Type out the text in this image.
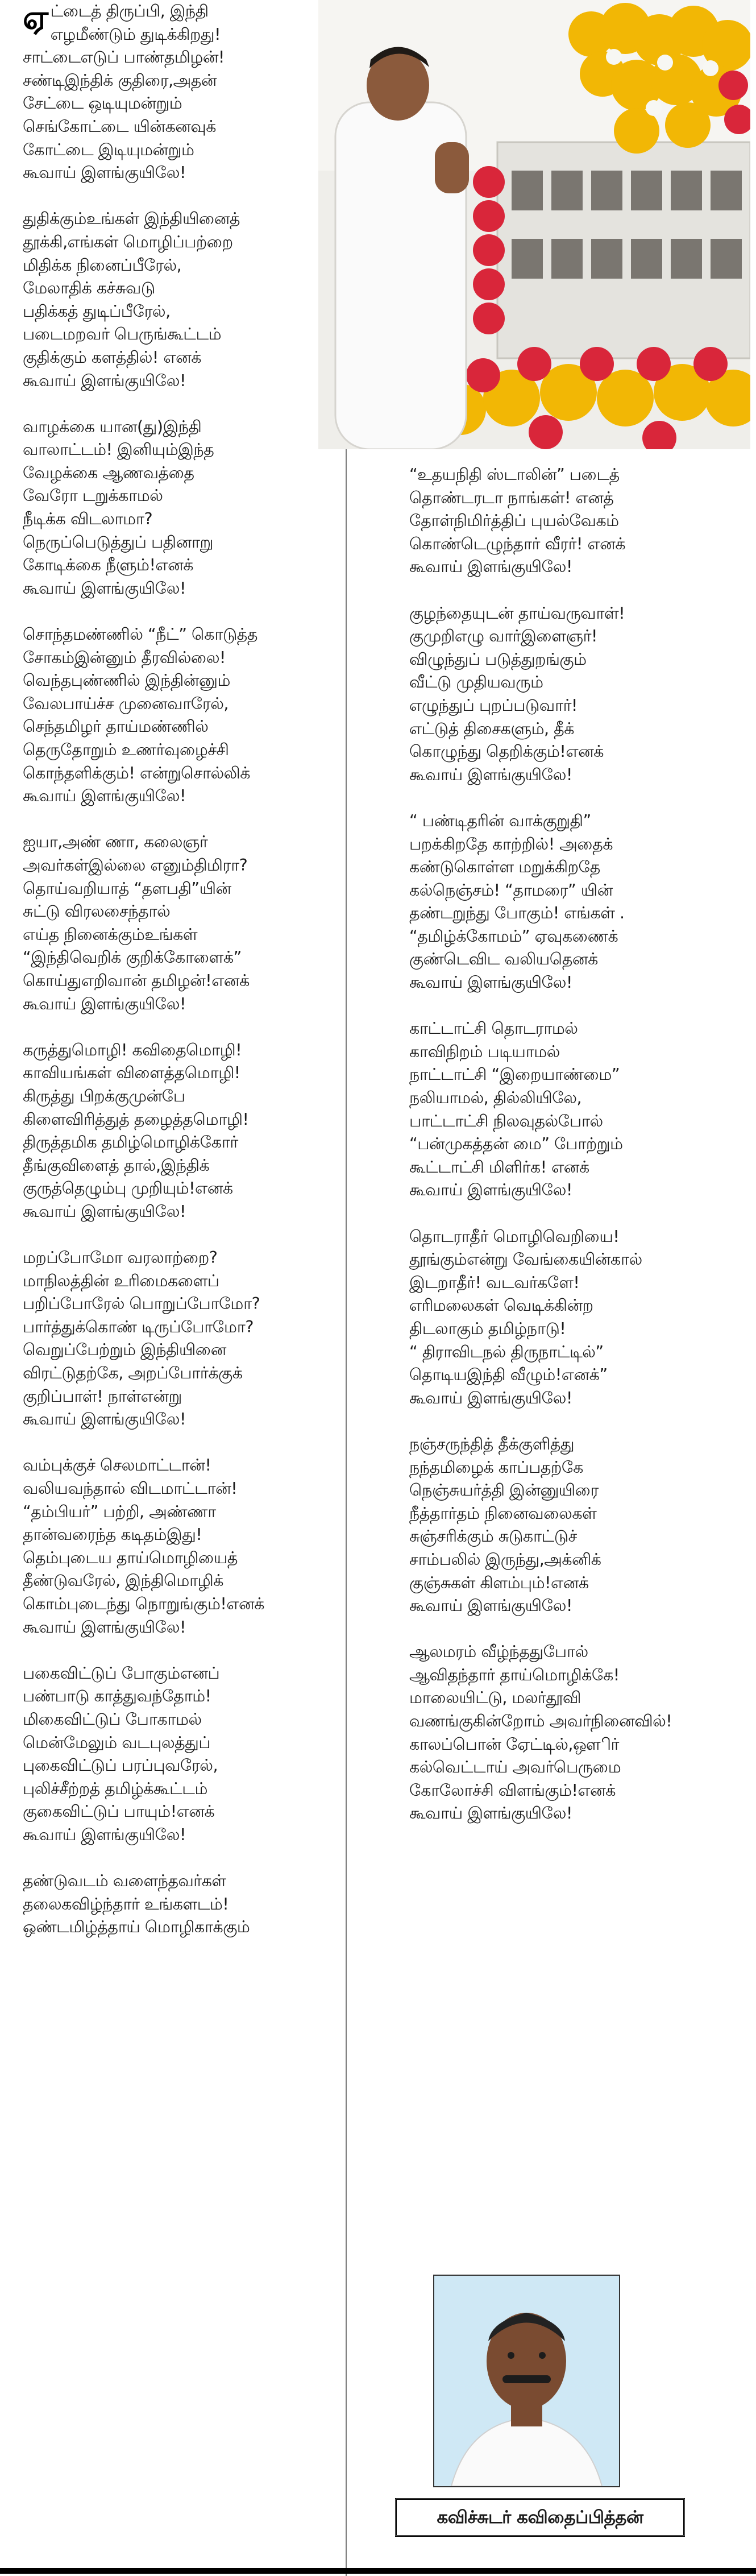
ஏட்டைத் திருப்பி, இந்தி
எழமீண்டும் துடிக்கிறது!
சாட்டைஎடுப் பாண்தமிழன்!
சண்டிஇந்திக் குதிரை,அதன்
சேட்டை ஒடியுமன்றும்
செங்கோட்டை யின்கனவுக்
கோட்டை இடியுமன்றும்
கூவாய் இளங்குயிலே!
துதிக்கும்உங்கள் இந்தியினைத்
தூக்கி,எங்கள் மொழிப்பற்றை
மிதிக்க நினைப்பீரேல்,
மேலாதிக் கச்சுவடு
பதிக்கத் துடிப்பீரேல்,
படைமறவர் பெருங்கூட்டம்
குதிக்கும் களத்தில்! எனக்
கூவாய் இளங்குயிலே!
வாழக்கை யான(து)இந்தி
வாலாட்டம்! இனியும்இந்த
வேழக்கை ஆணவத்தை
வேரோ டறுக்காமல்
நீடிக்க விடலாமா?
நெருப்பெடுத்துப் பதினாறு
கோடிக்கை நீளும்!எனக்
கூவாய் இளங்குயிலே!
சொந்தமண்ணில் “நீட்” கொடுத்த
சோகம்இன்னும் தீரவில்லை!
வெந்தபுண்ணில் இந்தின்னும்
வேலபாய்ச்ச முனைவாரேல்,
செந்தமிழர் தாய்மண்ணில்
தெருதோறும் உணர்வுழைச்சி
கொந்தளிக்கும்! என்றுசொல்லிக்
கூவாய் இளங்குயிலே!
ஐயா,அண் ணா, கலைஞர்
அவர்கள்இல்லை எனும்திமிரா?
தொய்வறியாத் “தளபதி”யின்
சுட்டு விரலசைந்தால்
எய்த நினைக்கும்உங்கள்
“இந்திவெறிக் குறிக்கோளைக்”
கொய்துஎறிவான் தமிழன்!எனக்
கூவாய் இளங்குயிலே!
கருத்துமொழி! கவிதைமொழி!
காவியங்கள் விளைத்தமொழி!
கிருத்து பிறக்குமுன்பே
கிளைவிரித்துத் தழைத்தமொழி!
திருத்தமிக தமிழ்மொழிக்கோர்
தீங்குவிளைத் தால்,இந்திக்
குருத்தெழும்பு முறியும்!எனக்
கூவாய் இளங்குயிலே!
மறப்போமோ வரலாற்றை?
மாநிலத்தின் உரிமைகளைப்
பறிப்போரேல் பொறுப்போமோ?
பார்த்துக்கொண் டிருப்போமோ?
வெறுப்பேற்றும் இந்தியினை
விரட்டுதற்கே, அறப்போர்க்குக்
குறிப்பாள்! நாள்என்று
கூவாய் இளங்குயிலே!
வம்புக்குச் செலமாட்டான்!
வலியவந்தால் விடமாட்டான்!
“தம்பியர்” பற்றி, அண்ணா
தான்வரைந்த கடிதம்இது!
தெம்புடைய தாய்மொழியைத்
தீண்டுவரேல், இந்திமொழிக்
கொம்புடைந்து நொறுங்கும்!எனக்
கூவாய் இளங்குயிலே!
பகைவிட்டுப் போகும்எனப்
பண்பாடு காத்துவந்தோம்!
மிகைவிட்டுப் போகாமல்
மென்மேலும் வடபுலத்துப்
புகைவிட்டுப் பரப்புவரேல்,
புலிச்சீற்றத் தமிழ்க்கூட்டம்
குகைவிட்டுப் பாயும்!எனக்
கூவாய் இளங்குயிலே!
தண்டுவடம் வளைந்தவர்கள்
தலைகவிழ்ந்தார் உங்களடம்!
ஒண்டமிழ்த்தாய் மொழிகாக்கும்
“உதயநிதி ஸ்டாலின்” படைத்
தொண்டரடா நாங்கள்! எனத்
தோள்நிமிர்த்திப் புயல்வேகம்
கொண்டெழுந்தார் வீரர்! எனக்
கூவாய் இளங்குயிலே!
குழந்தையுடன் தாய்வருவாள்!
குமுறிஎழு வார்இளைஞர்!
விழுந்துப் படுத்துறங்கும்
வீட்டு முதியவரும்
எழுந்துப் புறப்படுவார்!
எட்டுத் திசைகளும், தீக்
கொழுந்து தெறிக்கும்!எனக்
கூவாய் இளங்குயிலே!
“ பண்டிதரின் வாக்குறுதி”
பறக்கிறதே காற்றில்! அதைக்
கண்டுகொள்ள மறுக்கிறதே
கல்நெஞ்சம்! “தாமரை” யின்
தண்டறுந்து போகும்! எங்கள் .
“தமிழ்க்கோமம்” ஏவுகணைக்
குண்டெவிட வலியதெனக்
கூவாய் இளங்குயிலே!
காட்டாட்சி தொடராமல்
காவிநிறம் படியாமல்
நாட்டாட்சி “இறையாண்மை”
நலியாமல், தில்லியிலே,
பாட்டாட்சி நிலவுதல்போல்
“பன்முகத்தன் மை” போற்றும்
கூட்டாட்சி மிளிர்க! எனக்
கூவாய் இளங்குயிலே!
தொடராதீர் மொழிவெறியை!
தூங்கும்என்று வேங்கையின்கால்
இடறாதீர்! வடவர்களே!
எரிமலைகள் வெடிக்கின்ற
திடலாகும் தமிழ்நாடு!
“ திராவிடநல் திருநாட்டில்”
தொடியஇந்தி வீழும்!எனக்”
கூவாய் இளங்குயிலே!
நஞ்சருந்தித் தீக்குளித்து
நந்தமிழைக் காப்பதற்கே
நெஞ்சுயர்த்தி இன்னுயிரை
நீத்தார்தம் நினைவலைகள்
சுஞ்சரிக்கும் சுடுகாட்டுச்
சாம்பலில் இருந்து,அக்னிக்
குஞ்சுகள் கிளம்பும்!எனக்
கூவாய் இளங்குயிலே!
ஆலமரம் வீழ்ந்ததுபோல்
ஆவிதந்தார் தாய்மொழிக்கே!
மாலையிட்டு, மலர்தூவி
வணங்குகின்றோம் அவர்நினைவில்!
காலப்பொன் ஏேட்டில்,ஔிர்
கல்வெட்டாய் அவர்பெருமை
கோலோச்சி விளங்கும்!எனக்
கூவாய் இளங்குயிலே!
கவிச்சுடர் கவிதைப்பித்தன்
